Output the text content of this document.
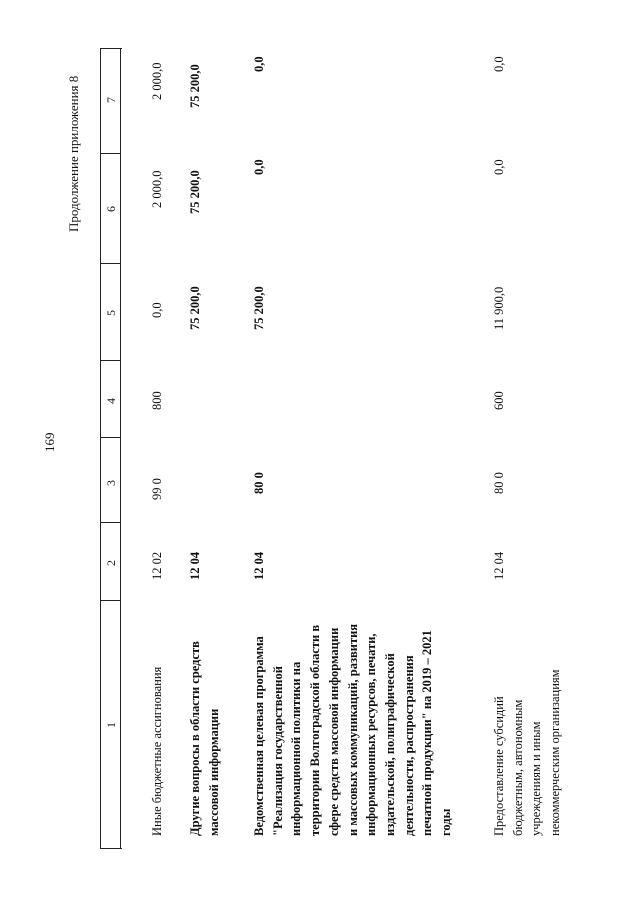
169
Продолжение приложения 8
1
2
3
4
5
6
7
Иные бюджетные ассигнования
12 02
99 0
800
0,0
2 000,0
2 000,0
Другие вопросы в области средств массовой информации
12 04
75 200,0
75 200,0
75 200,0
Ведомственная целевая программа "Реализация государственной информационной политики на территории Волгоградской области в сфере средств массовой информации и массовых коммуникаций, развития информационных ресурсов, печати, издательской, полиграфической деятельности, распространения печатной продукции" на 2019 – 2021 годы
12 04
80 0
75 200,0
0,0
0,0
Предоставление субсидий бюджетным, автономным учреждениям и иным некоммерческим организациям
12 04
80 0
600
11 900,0
0,0
0,0
